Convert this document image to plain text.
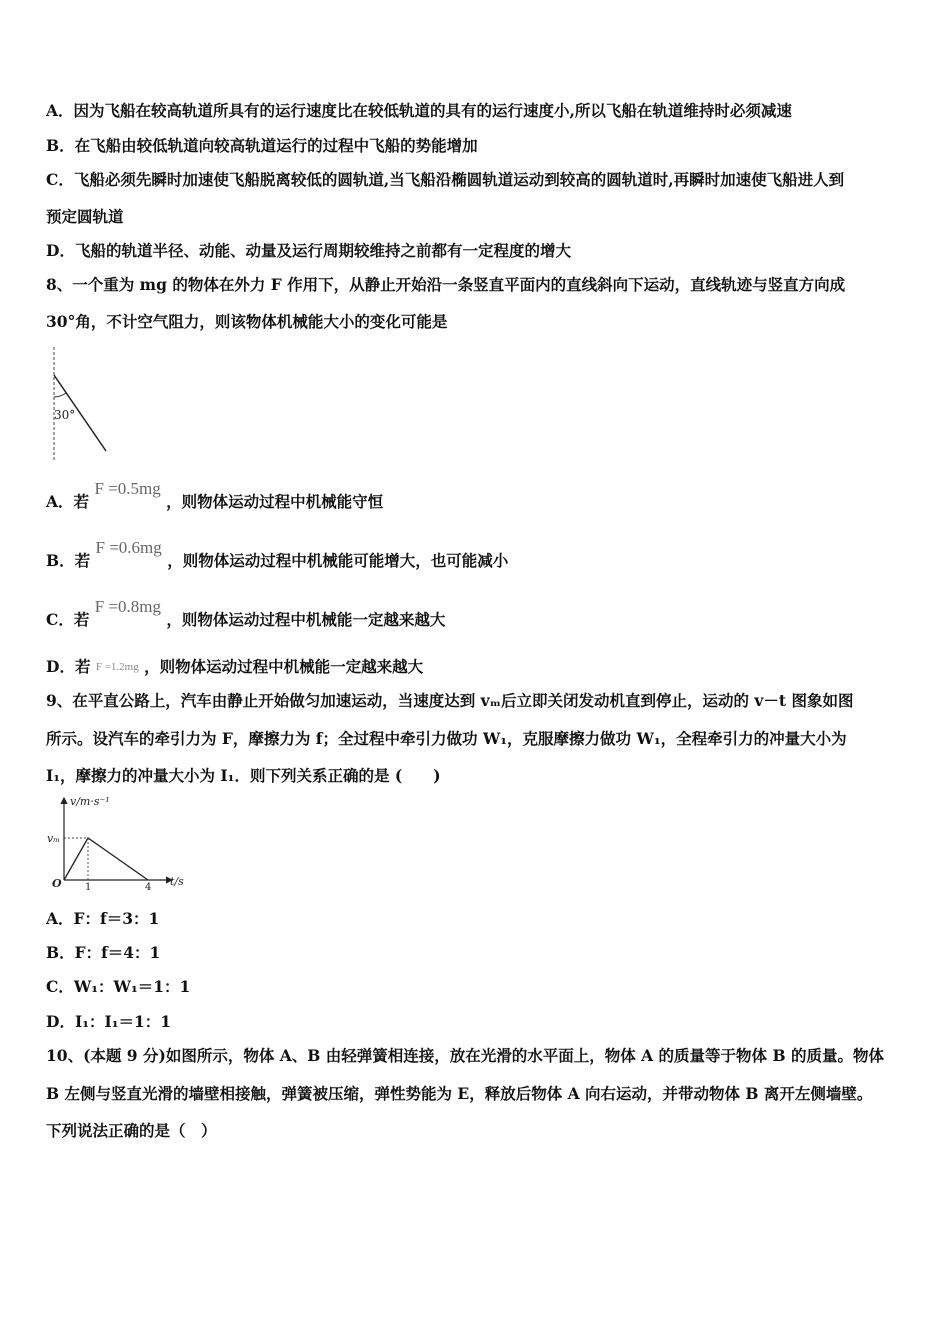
A．因为飞船在较高轨道所具有的运行速度比在较低轨道的具有的运行速度小,所以飞船在轨道维持时必须减速
B．在飞船由较低轨道向较高轨道运行的过程中飞船的势能增加
C．飞船必须先瞬时加速使飞船脱离较低的圆轨道,当飞船沿椭圆轨道运动到较高的圆轨道时,再瞬时加速使飞船进人到
预定圆轨道
D．飞船的轨道半径、动能、动量及运行周期较维持之前都有一定程度的增大
8、一个重为 mg 的物体在外力 F 作用下，从静止开始沿一条竖直平面内的直线斜向下运动，直线轨迹与竖直方向成
30°角，不计空气阻力，则该物体机械能大小的变化可能是
30°
A．若 F =0.5mg ，则物体运动过程中机械能守恒
B．若 F =0.6mg ，则物体运动过程中机械能可能增大，也可能减小
C．若 F =0.8mg ，则物体运动过程中机械能一定越来越大
D．若 F =1.2mg ，则物体运动过程中机械能一定越来越大
9、在平直公路上，汽车由静止开始做匀加速运动，当速度达到 vₘ后立即关闭发动机直到停止，运动的 v－t 图象如图
所示。设汽车的牵引力为 F，摩擦力为 f；全过程中牵引力做功 W₁，克服摩擦力做功 W₁，全程牵引力的冲量大小为
I₁，摩擦力的冲量大小为 I₁．则下列关系正确的是 (　　)
v/m·s⁻¹
t/s
vₘ
O 1	4
A．F：f＝3：1
B．F：f＝4：1
C．W₁：W₁＝1：1
D．I₁：I₁＝1：1
10、(本题 9 分)如图所示，物体 A、B 由轻弹簧相连接，放在光滑的水平面上，物体 A 的质量等于物体 B 的质量。物体
B 左侧与竖直光滑的墙壁相接触，弹簧被压缩，弹性势能为 E，释放后物体 A 向右运动，并带动物体 B 离开左侧墙壁。
下列说法正确的是（　）
